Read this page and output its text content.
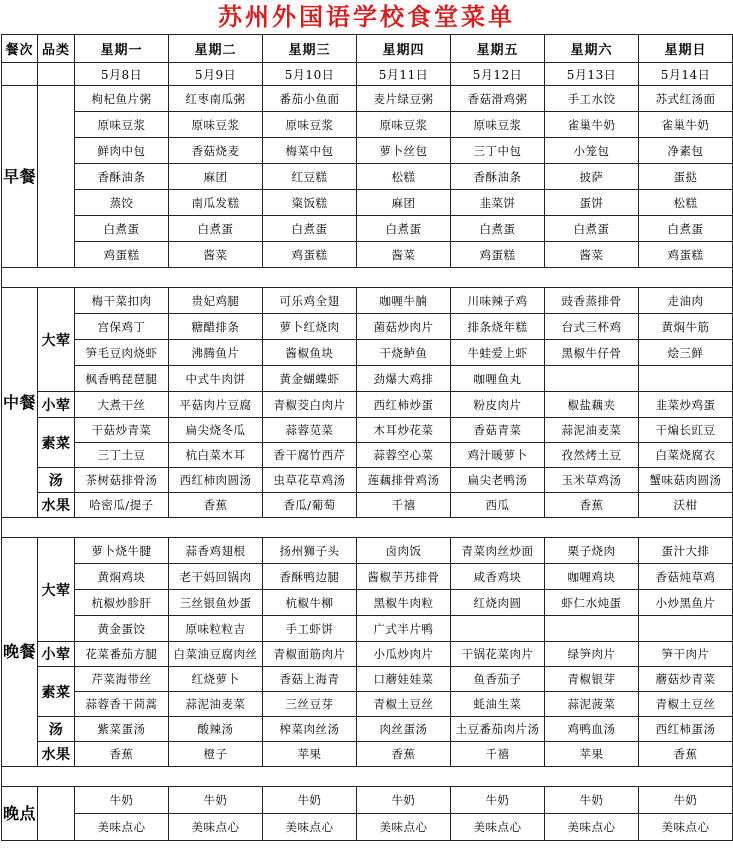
苏州外国语学校食堂菜单
餐次	品类	星期一	星期二	星期三	星期四	星期五	星期六	星期日
		5月8日	5月9日	5月10日	5月11日	5月12日	5月13日	5月14日
早餐		枸杞鱼片粥	红枣南瓜粥	番茄小鱼面	麦片绿豆粥	香菇滑鸡粥	手工水饺	苏式红汤面
		原味豆浆	原味豆浆	原味豆浆	原味豆浆	原味豆浆	雀巢牛奶	雀巢牛奶
		鲜肉中包	香菇烧麦	梅菜中包	萝卜丝包	三丁中包	小笼包	净素包
		香酥油条	麻团	红豆糕	松糕	香酥油条	披萨	蛋挞
		蒸饺	南瓜发糕	粢饭糕	麻团	韭菜饼	蛋饼	松糕
		白煮蛋	白煮蛋	白煮蛋	白煮蛋	白煮蛋	白煮蛋	白煮蛋
		鸡蛋糕	酱菜	鸡蛋糕	酱菜	鸡蛋糕	酱菜	鸡蛋糕

中餐	大荤	梅干菜扣肉	贵妃鸡腿	可乐鸡全翅	咖喱牛腩	川味辣子鸡	豉香蒸排骨	走油肉
		宫保鸡丁	糖醋排条	萝卜红烧肉	菌菇炒肉片	排条烧年糕	台式三杯鸡	黄焖牛筋
		笋毛豆肉烧虾	沸腾鱼片	酱椒鱼块	干烧鲈鱼	牛蛙爱上虾	黑椒牛仔骨	烩三鲜
		枫香鸭琵琶腿	中式牛肉饼	黄金蝴蝶虾	劲爆大鸡排	咖喱鱼丸		
	小荤	大煮干丝	平菇肉片豆腐	青椒茭白肉片	西红柿炒蛋	粉皮肉片	椒盐藕夹	韭菜炒鸡蛋
	素菜	干菇炒青菜	扁尖烧冬瓜	蒜蓉苋菜	木耳炒花菜	香菇青菜	蒜泥油麦菜	干煸长豇豆
		三丁土豆	杭白菜木耳	香干腐竹西芹	蒜蓉空心菜	鸡汁暖萝卜	孜然烤土豆	白菜烧腐衣
	汤	茶树菇排骨汤	西红柿肉圆汤	虫草花草鸡汤	莲藕排骨鸡汤	扁尖老鸭汤	玉米草鸡汤	蟹味菇肉圆汤
	水果	哈密瓜/提子	香蕉	香瓜/葡萄	千禧	西瓜	香蕉	沃柑

晚餐	大荤	萝卜烧牛腱	蒜香鸡翅根	扬州狮子头	卤肉饭	青菜肉丝炒面	栗子烧肉	蛋汁大排
		黄焖鸡块	老干妈回锅肉	香酥鸭边腿	酱椒芋艿排骨	咸香鸡块	咖喱鸡块	香菇炖草鸡
		杭椒炒胗肝	三丝银鱼炒蛋	杭椒牛柳	黑椒牛肉粒	红烧肉圆	虾仁水炖蛋	小炒黑鱼片
		黄金蛋饺	原味粒粒吉	手工虾饼	广式半片鸭			
	小荤	花菜番茄方腿	白菜油豆腐肉丝	青椒面筋肉片	小瓜炒肉片	干锅花菜肉片	绿笋肉片	笋干肉片
	素菜	芹菜海带丝	红烧萝卜	香菇上海青	口蘑娃娃菜	鱼香茄子	青椒银芽	蘑菇炒青菜
		蒜蓉香干茼蒿	蒜泥油麦菜	三丝豆芽	青椒土豆丝	蚝油生菜	蒜泥菠菜	青椒土豆丝
	汤	紫菜蛋汤	酸辣汤	榨菜肉丝汤	肉丝蛋汤	土豆番茄肉片汤	鸡鸭血汤	西红柿蛋汤
	水果	香蕉	橙子	苹果	香蕉	千禧	苹果	香蕉

晚点		牛奶	牛奶	牛奶	牛奶	牛奶	牛奶	牛奶
		美味点心	美味点心	美味点心	美味点心	美味点心	美味点心	美味点心
